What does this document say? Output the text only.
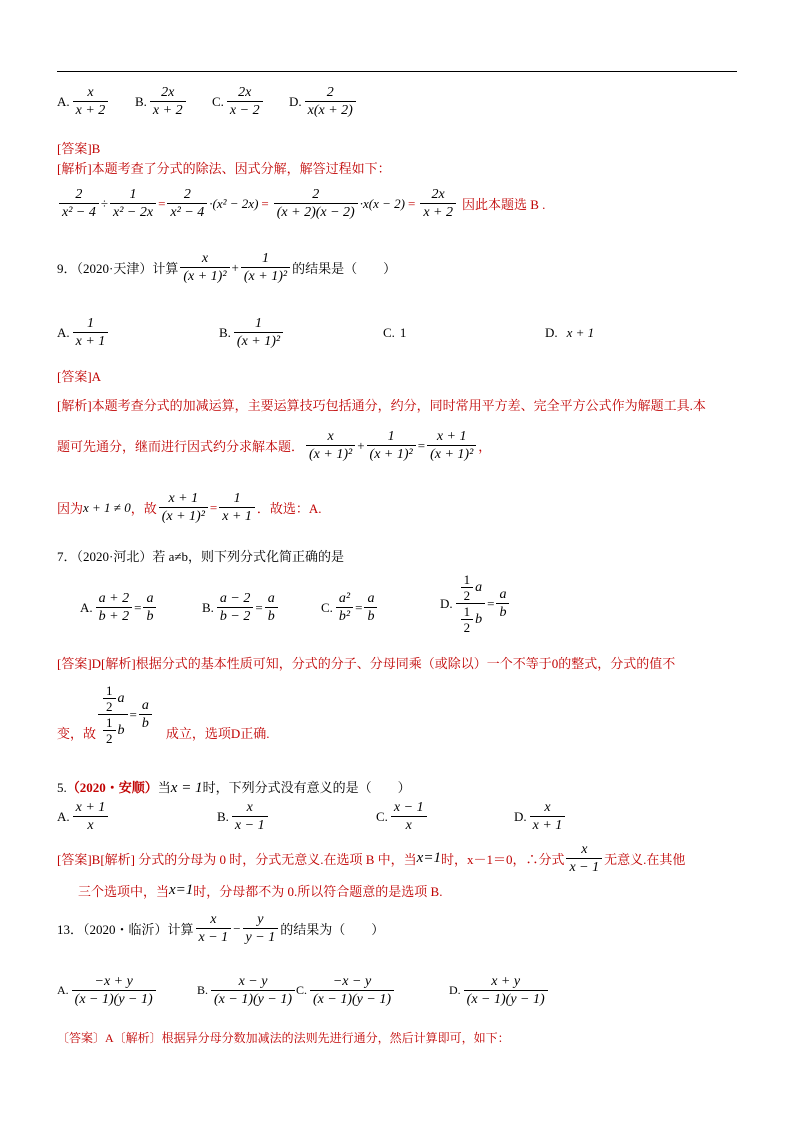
A. $\frac{x}{x + 2} B$. $\frac{2x}{x + 2} C$. $\frac{2x}{x - 2} D$. $\frac{2}{x(x + 2)}$
[答案]B
[解析]本题考查了分式的除法、因式分解，解答过程如下：
$\frac{2}{\text{x² − 4}} \div \frac{1}{\text{x² − 2x}} = \frac{2}{\text{x² − 4}} \cdot(x^2 - 2x) = \frac{2}{(x + 2)(x - 2)} \cdot x(x - 2) = \frac{2x}{x + 2}$ 因此本题选 B .
9．（2020·天津）计算 $\frac{x}{\text{(x + 1)²}} + \frac{1}{\text{(x + 1)²}}$ 的结果是（　　）
A. $\frac{1}{x + 1}$	B. $\frac{1}{\text{(x + 1)²}}$	C. 1	D. x + 1
[答案]A
[解析]本题考查分式的加减运算，主要运算技巧包括通分，约分，同时常用平方差、完全平方公式作为解题工具.本
题可先通分，继而进行因式约分求解本题． $\frac{x}{\text{(x + 1)²}} + \frac{1}{\text{(x + 1)²}} = \frac{x + 1}{\text{(x + 1)²}}$ ，
因为 x + 1 ≠ 0 ，故 $\frac{x + 1}{\text{(x + 1)²}} = \frac{1}{x + 1}$ ．故选：A.
7．（2020·河北）若 a≠b，则下列分式化简正确的是
A. $\frac{a + 2}{b + 2} = \frac{a}{b}$	B. $\frac{a - 2}{b - 2} = \frac{a}{b}$	C. $\frac{\text{a²}}{\text{b²}} = \frac{a}{b}$	D. $\frac{\frac{1}{2} a}{\frac{1}{2} b} = \frac{a}{b}$
[答案]D[解析]根据分式的基本性质可知，分式的分子、分母同乘（或除以）一个不等于0的整式，分式的值不
变，故 $\frac{\frac{1}{2} a}{\frac{1}{2} b} = \frac{a}{b}$
成立，选项D正确.
5.（2020・安顺）当x = 1时，下列分式没有意义的是（　　）
A. $\frac{x + 1}{x}$	B. $\frac{x}{x - 1}$	C. $\frac{x - 1}{x}$	D. $\frac{x}{x + 1}$
[答案]B[解析] 分式的分母为 0 时，分式无意义.在选项 B 中，当 x=1 时，x－1＝0，∴分式 $\frac{x}{x - 1}$ 无意义.在其他
三个选项中，当 x=1 时，分母都不为 0.所以符合题意的是选项 B.
13．（2020・临沂）计算 $\frac{x}{x - 1} - \frac{y}{y - 1}$ 的结果为（　　）
A. $\frac{-x + y}{(x - 1)(y - 1)}$	B. $\frac{x - y}{(x - 1)(y - 1)} C$. $\frac{-x - y}{(x - 1)(y - 1)}$	D. $\frac{x + y}{(x - 1)(y - 1)}$
〔答案〕A〔解析〕根据异分母分数加减法的法则先进行通分，然后计算即可，如下：
